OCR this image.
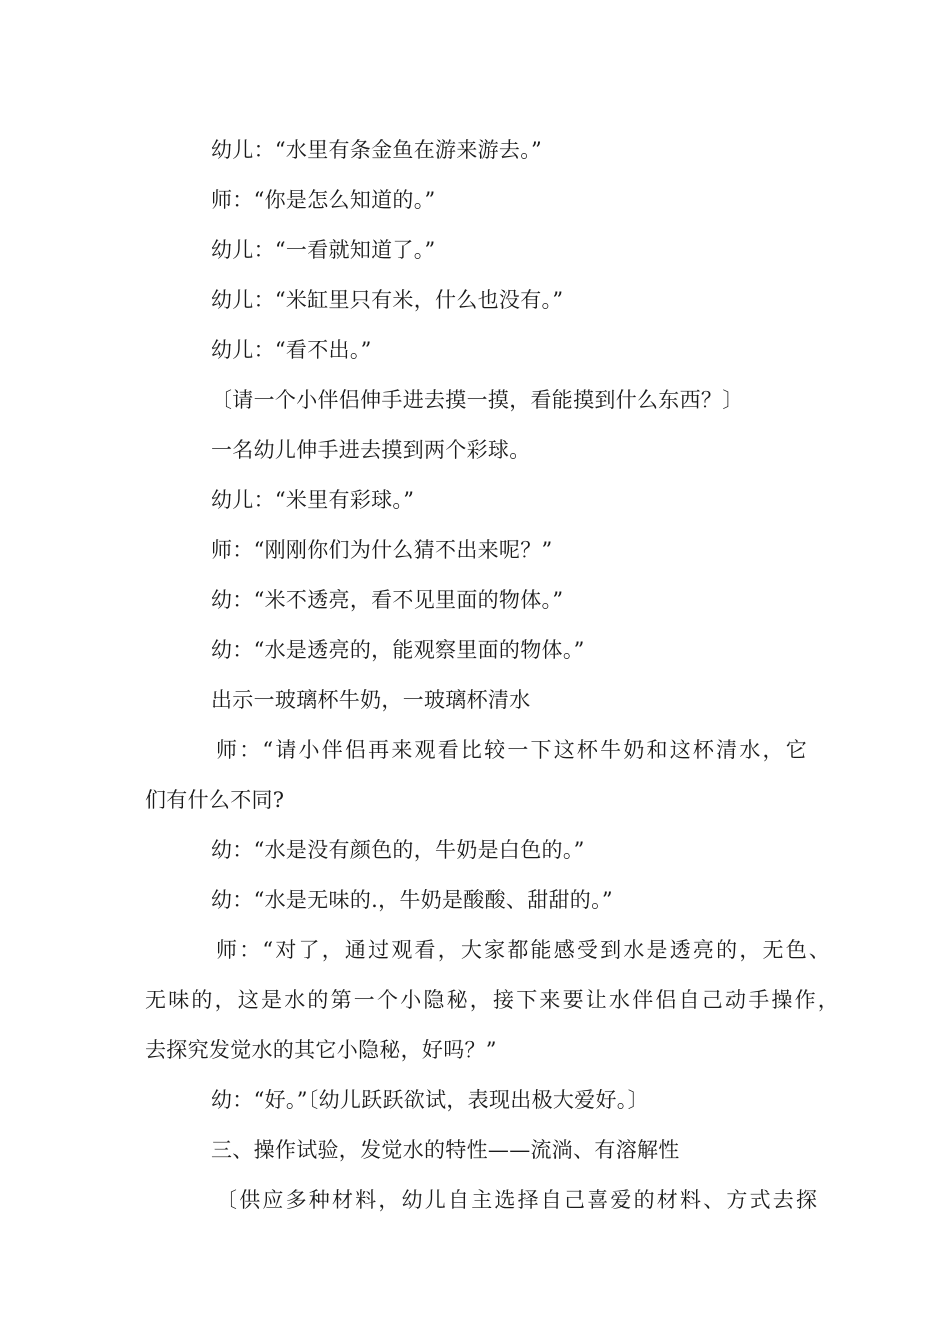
幼儿：“水里有条金鱼在游来游去。”
师：“你是怎么知道的。”
幼儿：“一看就知道了。”
幼儿：“米缸里只有米，什么也没有。”
幼儿：“看不出。”
〔请一个小伴侣伸手进去摸一摸，看能摸到什么东西？〕
一名幼儿伸手进去摸到两个彩球。
幼儿：“米里有彩球。”
师：“刚刚你们为什么猜不出来呢？”
幼：“米不透亮，看不见里面的物体。”
幼：“水是透亮的，能观察里面的物体。”
出示一玻璃杯牛奶，一玻璃杯清水
师：“请小伴侣再来观看比较一下这杯牛奶和这杯清水，它
们有什么不同?
幼：“水是没有颜色的，牛奶是白色的。”
幼：“水是无味的.，牛奶是酸酸、甜甜的。”
师：“对了，通过观看，大家都能感受到水是透亮的，无色、
无味的，这是水的第一个小隐秘，接下来要让水伴侣自己动手操作，
去探究发觉水的其它小隐秘，好吗？”
幼：“好。”〔幼儿跃跃欲试，表现出极大爱好。〕
三、操作试验，发觉水的特性——流淌、有溶解性
〔供应多种材料，幼儿自主选择自己喜爱的材料、方式去探
